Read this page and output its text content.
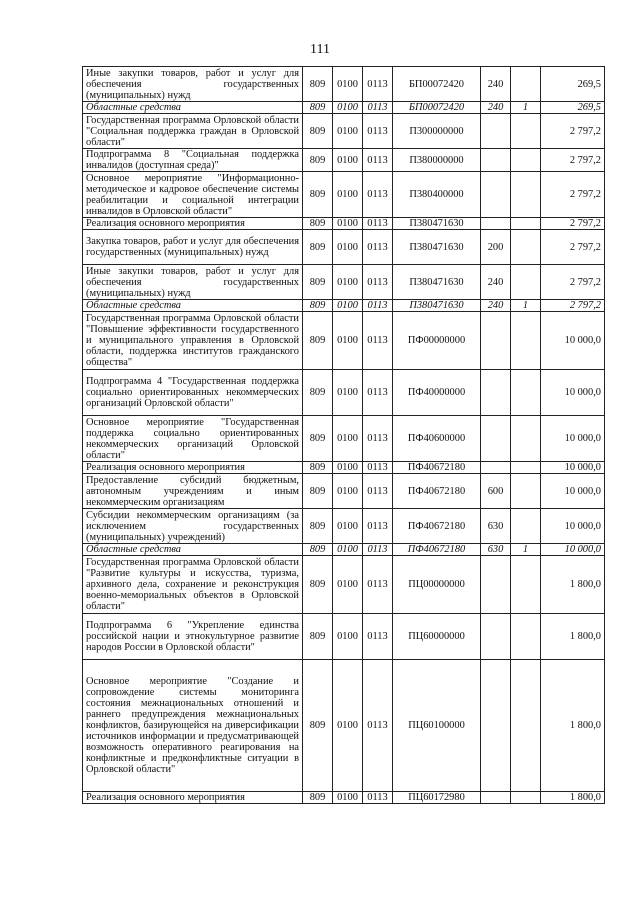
111
Иные закупки товаров, работ и услуг для обеспечения государственных (муниципальных) нужд	809	0100	0113	БП00072420	240		269,5
Областные средства	809	0100	0113	БП00072420	240	1	269,5
Государственная программа Орловской области "Социальная поддержка граждан в Орловской области"	809	0100	0113	П300000000			2 797,2
Подпрограмма 8 "Социальная поддержка инвалидов (доступная среда)"	809	0100	0113	П380000000			2 797,2
Основное мероприятие "Информационно-методическое и кадровое обеспечение системы реабилитации и социальной интеграции инвалидов в Орловской области"	809	0100	0113	П380400000			2 797,2
Реализация основного мероприятия	809	0100	0113	П380471630			2 797,2
Закупка товаров, работ и услуг для обеспечения государственных (муниципальных) нужд	809	0100	0113	П380471630	200		2 797,2
Иные закупки товаров, работ и услуг для обеспечения государственных (муниципальных) нужд	809	0100	0113	П380471630	240		2 797,2
Областные средства	809	0100	0113	П380471630	240	1	2 797,2
Государственная программа Орловской области "Повышение эффективности государственного и муниципального управления в Орловской области, поддержка институтов гражданского общества"	809	0100	0113	ПФ00000000			10 000,0
Подпрограмма 4 "Государственная поддержка социально ориентированных некоммерческих организаций Орловской области"	809	0100	0113	ПФ40000000			10 000,0
Основное мероприятие "Государственная поддержка социально ориентированных некоммерческих организаций Орловской области"	809	0100	0113	ПФ40600000			10 000,0
Реализация основного мероприятия	809	0100	0113	ПФ40672180			10 000,0
Предоставление субсидий бюджетным, автономным учреждениям и иным некоммерческим организациям	809	0100	0113	ПФ40672180	600		10 000,0
Субсидии некоммерческим организациям (за исключением государственных (муниципальных) учреждений)	809	0100	0113	ПФ40672180	630		10 000,0
Областные средства	809	0100	0113	ПФ40672180	630	1	10 000,0
Государственная программа Орловской области "Развитие культуры и искусства, туризма, архивного дела, сохранение и реконструкция военно-мемориальных объектов в Орловской области"	809	0100	0113	ПЦ00000000			1 800,0
Подпрограмма 6 "Укрепление единства российской нации и этнокультурное развитие народов России в Орловской области"	809	0100	0113	ПЦ60000000			1 800,0
Основное мероприятие "Создание и сопровождение системы мониторинга состояния межнациональных отношений и раннего предупреждения межнациональных конфликтов, базирующейся на диверсификации источников информации и предусматривающей возможность оперативного реагирования на конфликтные и предконфликтные ситуации в Орловской области"	809	0100	0113	ПЦ60100000			1 800,0
Реализация основного мероприятия	809	0100	0113	ПЦ60172980			1 800,0
